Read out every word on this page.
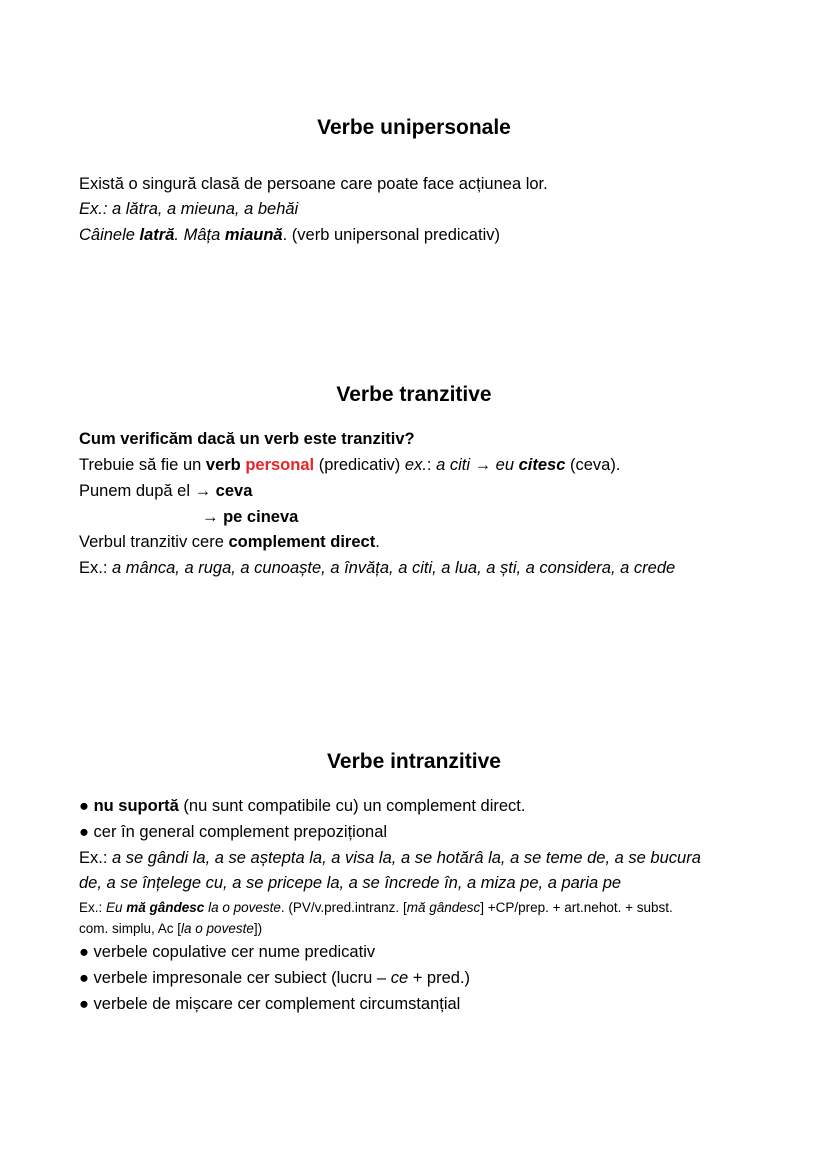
Verbe unipersonale
Există o singură clasă de persoane care poate face acțiunea lor.
Ex.: a lătra, a mieuna, a behăi
Câinele latră. Mâța miaună. (verb unipersonal predicativ)
Verbe tranzitive
Cum verificăm dacă un verb este tranzitiv?
Trebuie să fie un verb personal (predicativ) ex.: a citi → eu citesc (ceva).
Punem după el → ceva
→ pe cineva
Verbul tranzitiv cere complement direct.
Ex.: a mânca, a ruga, a cunoaște, a învăța, a citi, a lua, a ști, a considera, a crede
Verbe intranzitive
● nu suportă (nu sunt compatibile cu) un complement direct.
● cer în general complement prepozițional
Ex.: a se gândi la, a se aștepta la, a visa la, a se hotărâ la, a se teme de, a se bucura
de, a se înțelege cu, a se pricepe la, a se încrede în, a miza pe, a paria pe
Ex.: Eu mă gândesc la o poveste. (PV/v.pred.intranz. [mă gândesc] +CP/prep. + art.nehot. + subst.
com. simplu, Ac [la o poveste])
● verbele copulative cer nume predicativ
● verbele impresonale cer subiect (lucru – ce + pred.)
● verbele de mișcare cer complement circumstanțial
